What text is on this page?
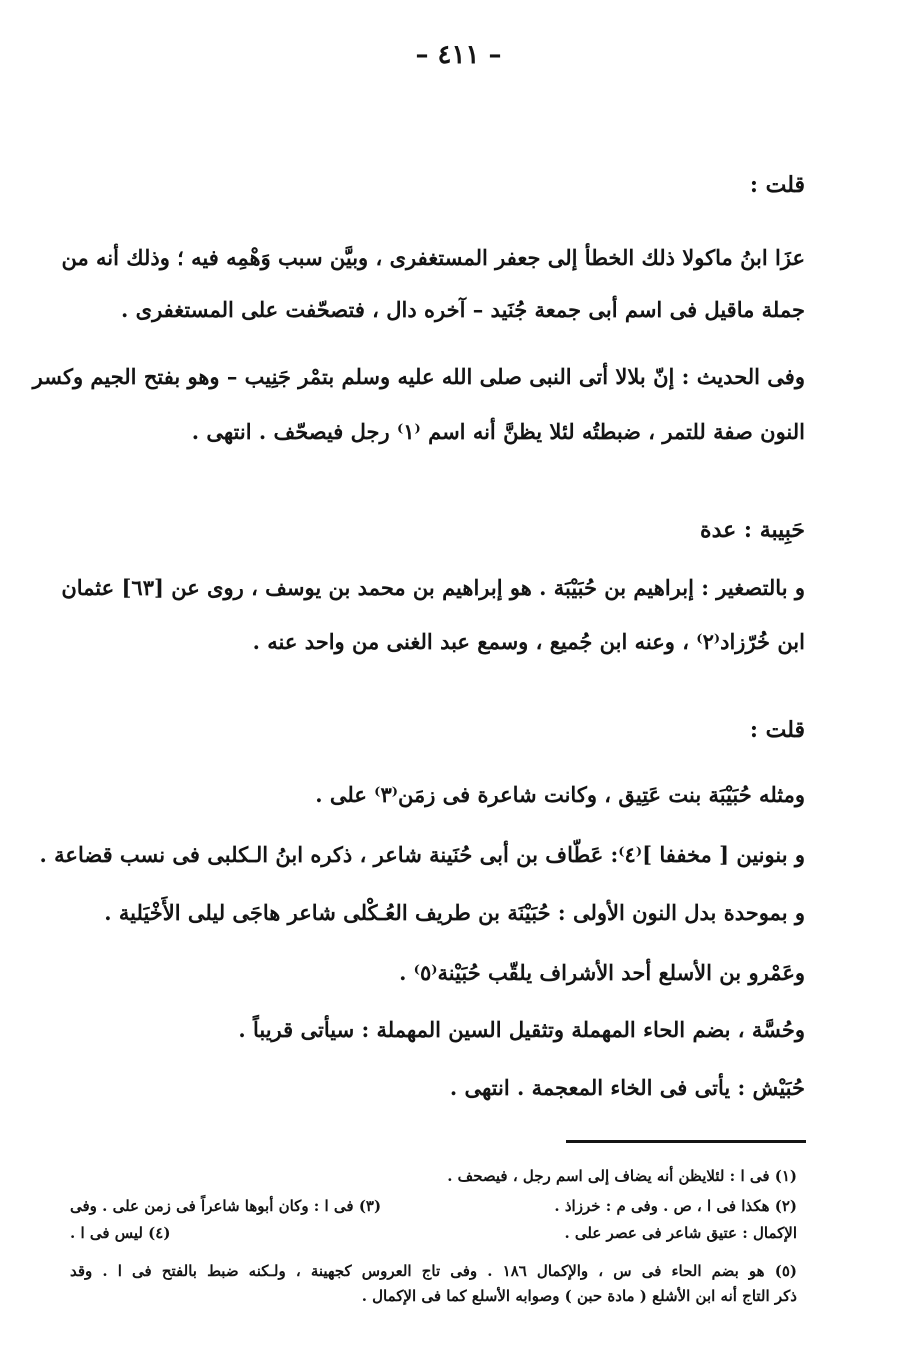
– ٤١١ –
قلت :
عزَا ابنُ ماكولا ذلك الخطأ إلى جعفر المستغفرى ، وبيَّن سبب وَهْمِه فيه ؛ وذلك أنه من
جملة ماقيل فى اسم أبى جمعة جُنَيد – آخره دال ، فتصحّفت على المستغفرى .
وفى الحديث : إنّ بلالا أتى النبى صلى الله عليه وسلم بتمْر جَنِيب – وهو بفتح الجيم وكسر
النون صفة للتمر ، ضبطتُه لئلا يظنَّ أنه اسم ⁽١⁾ رجل فيصحّف . انتهى .
حَبِيبة : عدة
و بالتصغير : إبراهيم بن حُبَيْبَة . هو إبراهيم بن محمد بن يوسف ، روى عن [٦٣] عثمان
ابن خُرّزاد⁽٢⁾ ، وعنه ابن جُميع ، وسمع عبد الغنى من واحد عنه .
قلت :
ومثله حُبَيْبَة بنت عَتِيق ، وكانت شاعرة فى زمَن⁽٣⁾ على .
و بنونين [ مخففا ]⁽٤⁾: عَطّاف بن أبى حُنَينة شاعر ، ذكره ابنُ الـكلبى فى نسب قضاعة .
و بموحدة بدل النون الأولى : حُبَيْنَة بن طريف العُـكْلى شاعر هاجَى ليلى الأَخْيَلية .
وعَمْرو بن الأسلع أحد الأشراف يلقّب حُبَيْنة⁽٥⁾ .
وحُسَّة ، بضم الحاء المهملة وتثقيل السين المهملة : سيأتى قريباً .
حُبَيْش : يأتى فى الخاء المعجمة . انتهى .
(١) فى ا : لئلايظن أنه يضاف إلى اسم رجل ، فيصحف .
(٢) هكذا فى ا ، ص . وفى م : خرزاذ .
(٣) فى ا : وكان أبوها شاعراً فى زمن على . وفى
الإكمال : عتيق شاعر فى عصر على .
(٤) ليس فى ا .
(٥) هو بضم الحاء فى س ، والإكمال ١٨٦ . وفى تاج العروس كجهينة ، ولـكنه ضبط بالفتح فى ا . وقد
ذكر التاج أنه ابن الأشلع ( مادة حبن ) وصوابه الأسلع كما فى الإكمال .
